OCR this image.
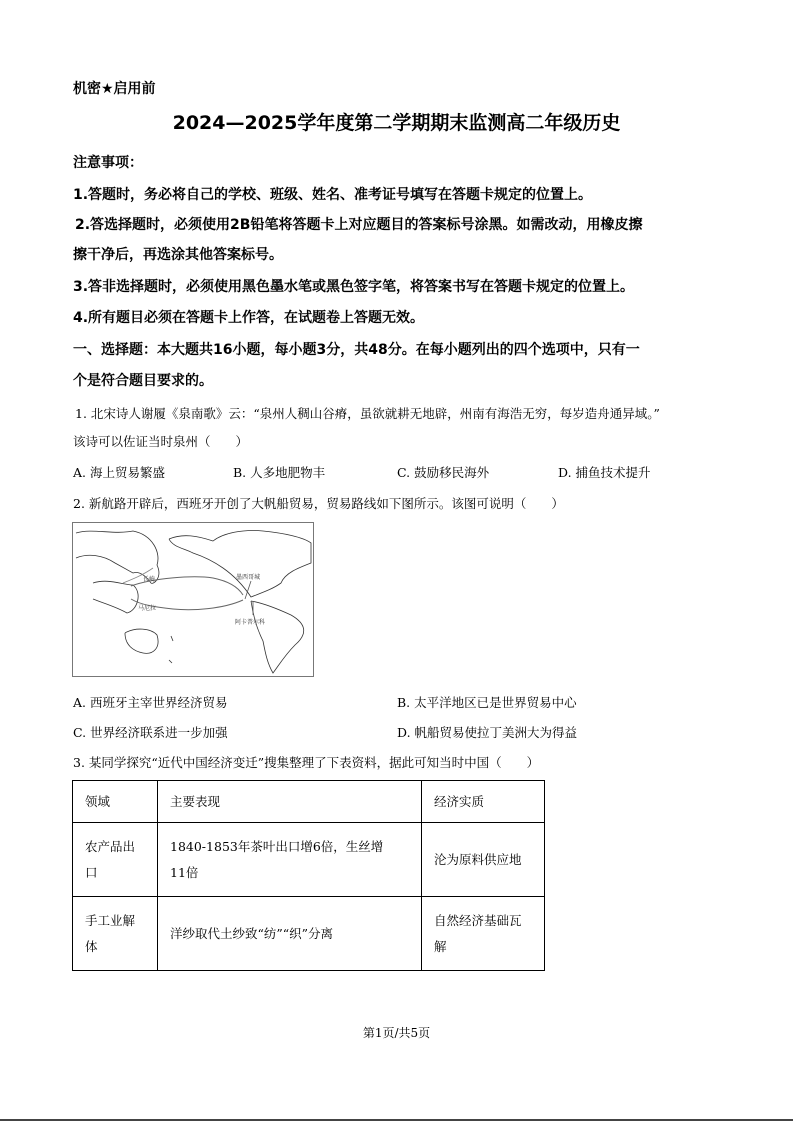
机密★启用前
2024—2025学年度第二学期期末监测高二年级历史
注意事项：
1.答题时，务必将自己的学校、班级、姓名、准考证号填写在答题卡规定的位置上。
2.答选择题时，必须使用2B铅笔将答题卡上对应题目的答案标号涂黑。如需改动，用橡皮擦
擦干净后，再选涂其他答案标号。
3.答非选择题时，必须使用黑色墨水笔或黑色签字笔，将答案书写在答题卡规定的位置上。
4.所有题目必须在答题卡上作答，在试题卷上答题无效。
一、选择题：本大题共16小题，每小题3分，共48分。在每小题列出的四个选项中，只有一
个是符合题目要求的。
1. 北宋诗人谢履《泉南歌》云：“泉州人稠山谷瘠，虽欲就耕无地辟，州南有海浩无穷，每岁造舟通异域。”
该诗可以佐证当时泉州（　　）
A. 海上贸易繁盛	B. 人多地肥物丰	C. 鼓励移民海外	D. 捕鱼技术提升
2. 新航路开辟后，西班牙开创了大帆船贸易，贸易路线如下图所示。该图可说明（　　）
长崎
马尼拉
墨西哥城
阿卡普尔科
A. 西班牙主宰世界经济贸易	B. 太平洋地区已是世界贸易中心
C. 世界经济联系进一步加强	D. 帆船贸易使拉丁美洲大为得益
3. 某同学探究“近代中国经济变迁”搜集整理了下表资料，据此可知当时中国（　　）
领域	主要表现	经济实质
农产品出口	1840-1853年茶叶出口增6倍，生丝增
11倍	沦为原料供应地
手工业解体	洋纱取代土纱致“纺”“织”分离	自然经济基础瓦
解
第1页/共5页
